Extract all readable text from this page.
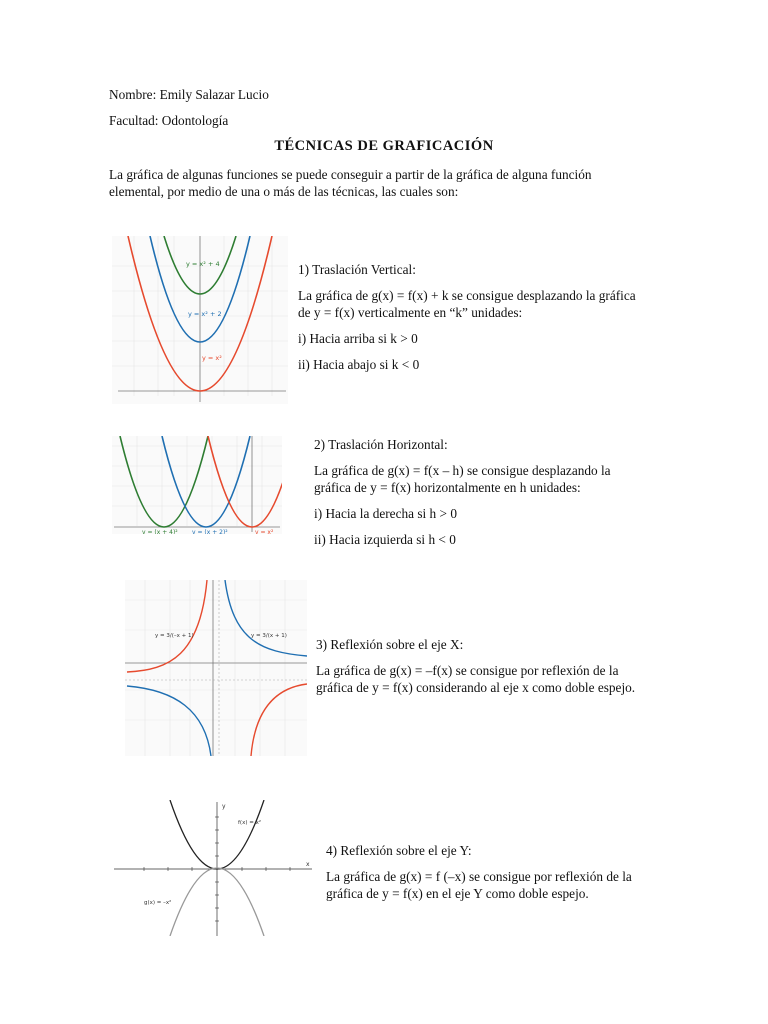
Nombre: Emily Salazar Lucio
Facultad: Odontología
TÉCNICAS DE GRAFICACIÓN
La gráfica de algunas funciones se puede conseguir a partir de la gráfica de alguna función
elemental, por medio de una o más de las técnicas, las cuales son:
y = x² + 4
y = x² + 2
y = x²

1) Traslación Vertical:

La gráfica de g(x) = f(x) + k se consigue desplazando la gráfica

de y = f(x) verticalmente en “k” unidades:

i) Hacia arriba si k > 0

ii) Hacia abajo si k < 0

y = (x + 4)² y = (x + 2)²	y = x²

2) Traslación Horizontal:

La gráfica de g(x) = f(x – h) se consigue desplazando la

gráfica de y = f(x) horizontalmente en h unidades:

i) Hacia la derecha si h > 0

ii) Hacia izquierda si h < 0

y = 3/(–x + 1)	y = 3/(x + 1)

3) Reflexión sobre el eje X:

La gráfica de g(x) = –f(x) se consigue por reflexión de la

gráfica de y = f(x) considerando al eje x como doble espejo.

f(x) = x²
g(x) = –x²
y
x

4) Reflexión sobre el eje Y:

La gráfica de g(x) = f (–x) se consigue por reflexión de la

gráfica de y = f(x) en el eje Y como doble espejo.
